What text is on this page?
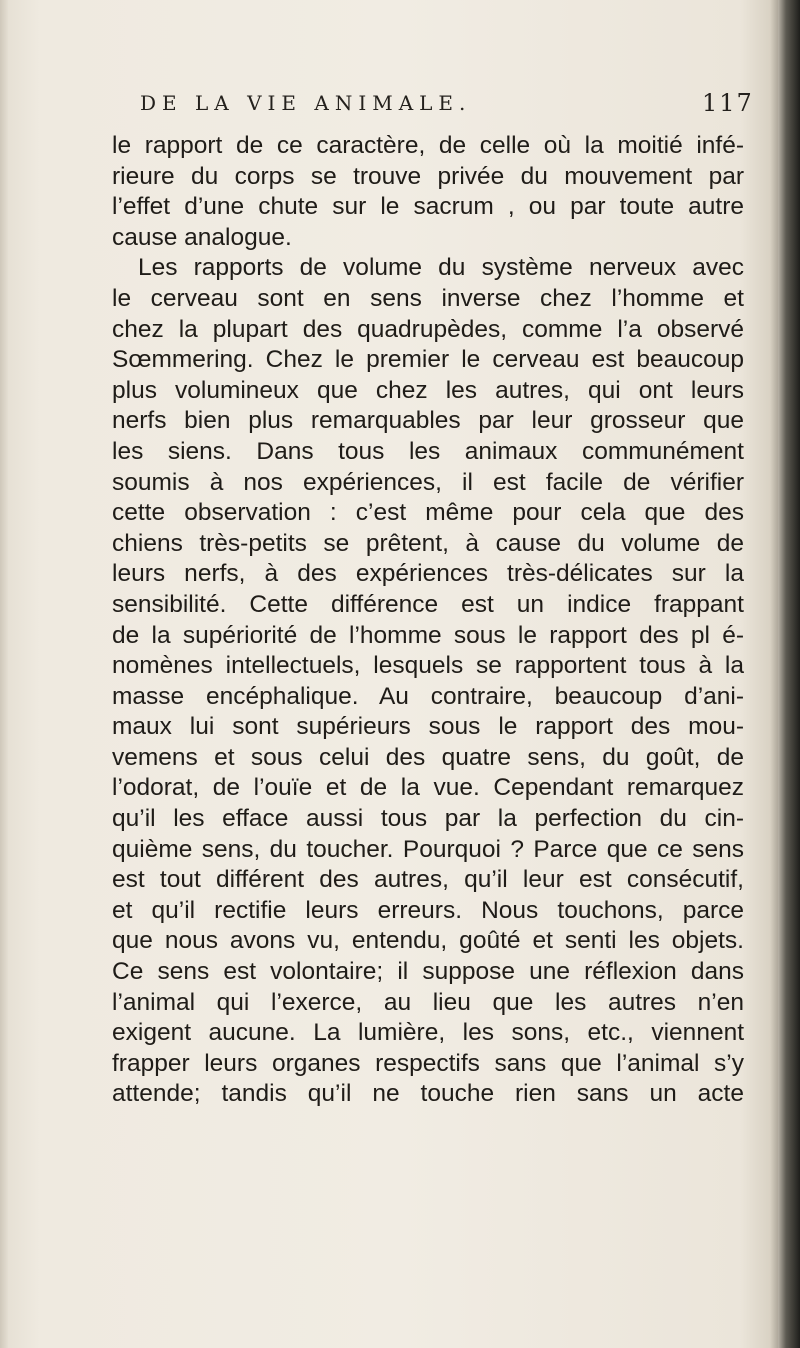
DE LA VIE ANIMALE.	117
le rapport de ce caractère, de celle où la moitié infé-
rieure du corps se trouve privée du mouvement par
l’effet d’une chute sur le sacrum , ou par toute autre
cause analogue.
Les rapports de volume du système nerveux avec
le cerveau sont en sens inverse chez l’homme et
chez la plupart des quadrupèdes, comme l’a observé
Sœmmering. Chez le premier le cerveau est beaucoup
plus volumineux que chez les autres, qui ont leurs
nerfs bien plus remarquables par leur grosseur que
les siens. Dans tous les animaux communément
soumis à nos expériences, il est facile de vérifier
cette observation : c’est même pour cela que des
chiens très-petits se prêtent, à cause du volume de
leurs nerfs, à des expériences très-délicates sur la
sensibilité. Cette différence est un indice frappant
de la supériorité de l’homme sous le rapport des pl é-
nomènes intellectuels, lesquels se rapportent tous à la
masse encéphalique. Au contraire, beaucoup d’ani-
maux lui sont supérieurs sous le rapport des mou-
vemens et sous celui des quatre sens, du goût, de
l’odorat, de l’ouïe et de la vue. Cependant remarquez
qu’il les efface aussi tous par la perfection du cin-
quième sens, du toucher. Pourquoi ? Parce que ce sens
est tout différent des autres, qu’il leur est consécutif,
et qu’il rectifie leurs erreurs. Nous touchons, parce
que nous avons vu, entendu, goûté et senti les objets.
Ce sens est volontaire; il suppose une réflexion dans
l’animal qui l’exerce, au lieu que les autres n’en
exigent aucune. La lumière, les sons, etc., viennent
frapper leurs organes respectifs sans que l’animal s’y
attende; tandis qu’il ne touche rien sans un acte
